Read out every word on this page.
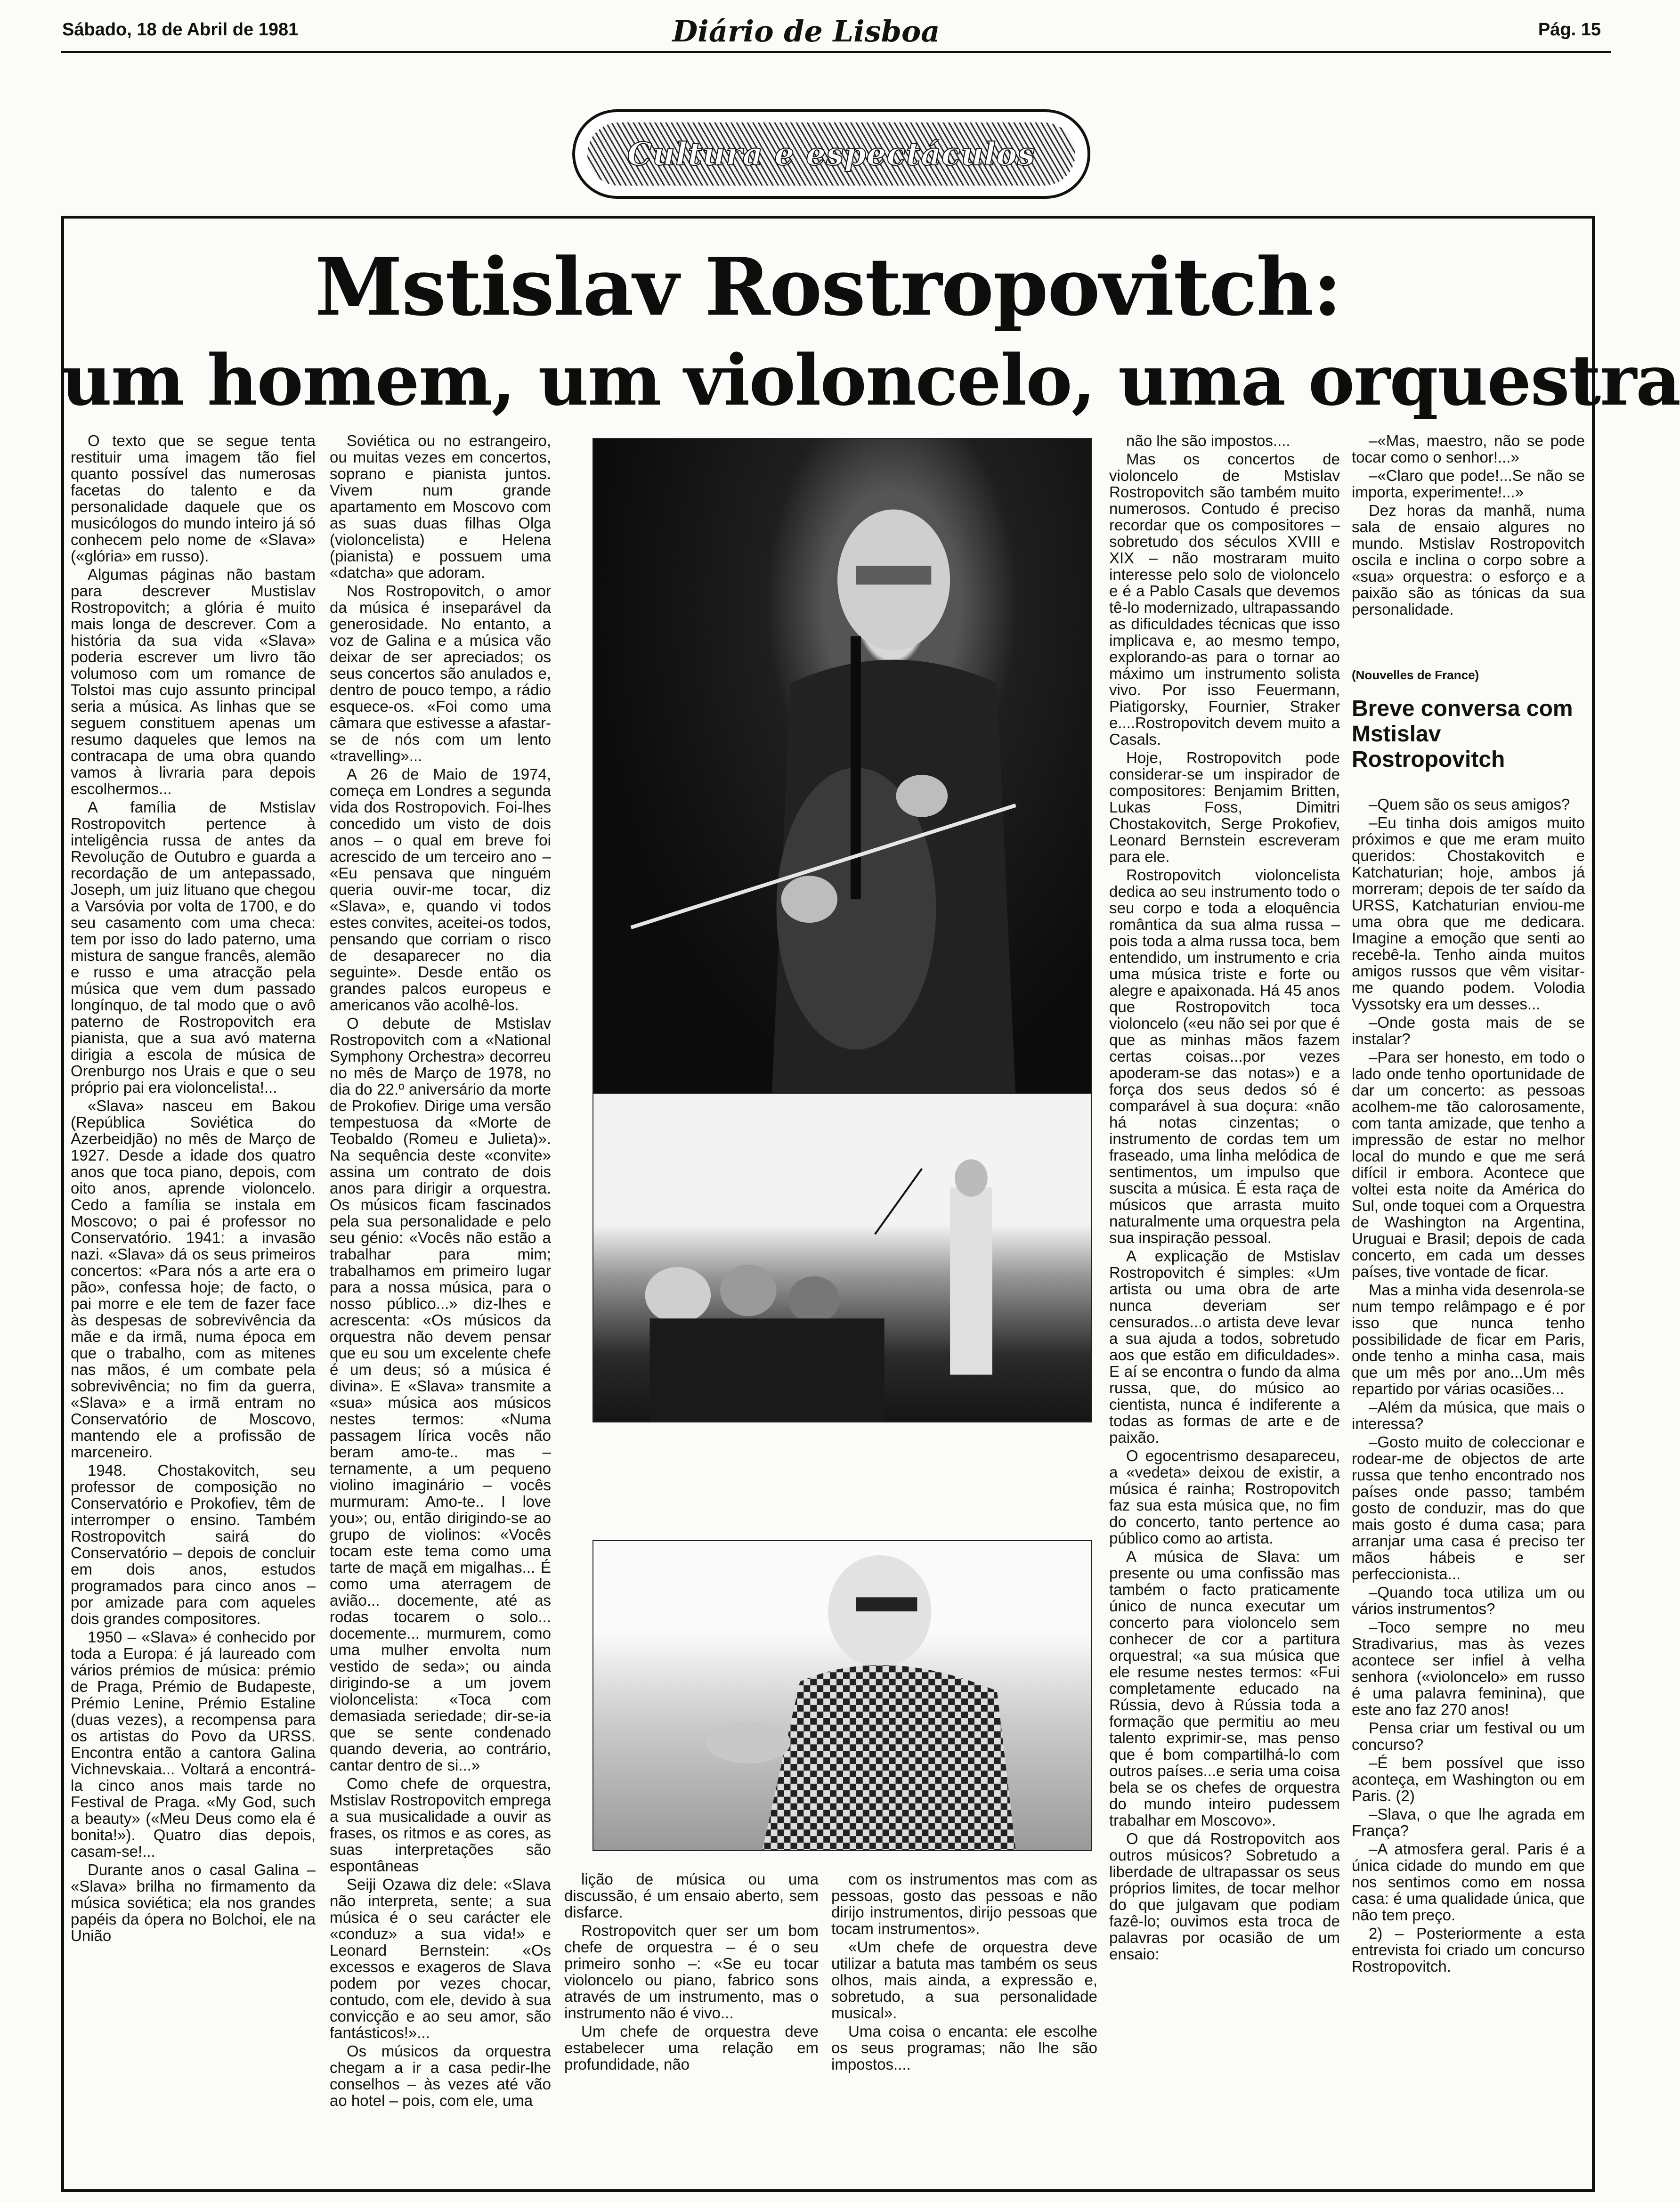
Sábado, 18 de Abril de 1981	Diário de Lisboa	Pág. 15
Cultura e espectáculos
Mstislav Rostropovitch:
um homem, um violoncelo, uma orquestra

O texto que se segue tenta restituir uma imagem tão fiel quanto possível das numerosas facetas do talento e da personalidade daquele que os musicólogos do mundo inteiro já só conhecem pelo nome de «Slava» («glória» em russo).

Algumas páginas não bastam para descrever Mustislav Rostropovitch; a glória é muito mais longa de descrever. Com a história da sua vida «Slava» poderia escrever um livro tão volumoso com um romance de Tolstoi mas cujo assunto principal seria a música. As linhas que se seguem constituem apenas um resumo daqueles que lemos na contracapa de uma obra quando vamos à livraria para depois escolhermos...

A família de Mstislav Rostropovitch pertence à inteligência russa de antes da Revolução de Outubro e guarda a recordação de um antepassado, Joseph, um juiz lituano que chegou a Varsóvia por volta de 1700, e do seu casamento com uma checa: tem por isso do lado paterno, uma mistura de sangue francês, alemão e russo e uma atracção pela música que vem dum passado longínquo, de tal modo que o avô paterno de Rostropovitch era pianista, que a sua avó materna dirigia a escola de música de Orenburgo nos Urais e que o seu próprio pai era violoncelista!...

«Slava» nasceu em Bakou (República Soviética do Azerbeidjão) no mês de Março de 1927. Desde a idade dos quatro anos que toca piano, depois, com oito anos, aprende violoncelo. Cedo a família se instala em Moscovo; o pai é professor no Conservatório. 1941: a invasão nazi. «Slava» dá os seus primeiros concertos: «Para nós a arte era o pão», confessa hoje; de facto, o pai morre e ele tem de fazer face às despesas de sobrevivência da mãe e da irmã, numa época em que o trabalho, com as mitenes nas mãos, é um combate pela sobrevivência; no fim da guerra, «Slava» e a irmã entram no Conservatório de Moscovo, mantendo ele a profissão de marceneiro.

1948. Chostakovitch, seu professor de composição no Conservatório e Prokofiev, têm de interromper o ensino. Também Rostropovitch sairá do Conservatório – depois de concluir em dois anos, estudos programados para cinco anos – por amizade para com aqueles dois grandes compositores.

1950 – «Slava» é conhecido por toda a Europa: é já laureado com vários prémios de música: prémio de Praga, Prémio de Budapeste, Prémio Lenine, Prémio Estaline (duas vezes), a recompensa para os artistas do Povo da URSS. Encontra então a cantora Galina Vichnevskaia... Voltará a encontrá-la cinco anos mais tarde no Festival de Praga. «My God, such a beauty» («Meu Deus como ela é bonita!»). Quatro dias depois, casam-se!...

Durante anos o casal Galina – «Slava» brilha no firmamento da música soviética; ela nos grandes papéis da ópera no Bolchoi, ele na União

Soviética ou no estrangeiro, ou muitas vezes em concertos, soprano e pianista juntos. Vivem num grande apartamento em Moscovo com as suas duas filhas Olga (violoncelista) e Helena (pianista) e possuem uma «datcha» que adoram.

Nos Rostropovitch, o amor da música é inseparável da generosidade. No entanto, a voz de Galina e a música vão deixar de ser apreciados; os seus concertos são anulados e, dentro de pouco tempo, a rádio esquece-os. «Foi como uma câmara que estivesse a afastar-se de nós com um lento «travelling»...

A 26 de Maio de 1974, começa em Londres a segunda vida dos Rostropovich. Foi-lhes concedido um visto de dois anos – o qual em breve foi acrescido de um terceiro ano – «Eu pensava que ninguém queria ouvir-me tocar, diz «Slava», e, quando vi todos estes convites, aceitei-os todos, pensando que corriam o risco de desaparecer no dia seguinte». Desde então os grandes palcos europeus e americanos vão acolhê-los.

O debute de Mstislav Rostropovitch com a «National Symphony Orchestra» decorreu no mês de Março de 1978, no dia do 22.º aniversário da morte de Prokofiev. Dirige uma versão tempestuosa da «Morte de Teobaldo (Romeu e Julieta)». Na sequência deste «convite» assina um contrato de dois anos para dirigir a orquestra. Os músicos ficam fascinados pela sua personalidade e pelo seu génio: «Vocês não estão a trabalhar para mim; trabalhamos em primeiro lugar para a nossa música, para o nosso público...» diz-lhes e acrescenta: «Os músicos da orquestra não devem pensar que eu sou um excelente chefe é um deus; só a música é divina». E «Slava» transmite a «sua» música aos músicos nestes termos: «Numa passagem lírica vocês não beram amo-te.. mas – ternamente, a um pequeno violino imaginário – vocês murmuram: Amo-te.. I love you»; ou, então dirigindo-se ao grupo de violinos: «Vocês tocam este tema como uma tarte de maçã em migalhas... É como uma aterragem de avião... docemente, até as rodas tocarem o solo... docemente... murmurem, como uma mulher envolta num vestido de seda»; ou ainda dirigindo-se a um jovem violoncelista: «Toca com demasiada seriedade; dir-se-ia que se sente condenado quando deveria, ao contrário, cantar dentro de si...»

Como chefe de orquestra, Mstislav Rostropovitch emprega a sua musicalidade a ouvir as frases, os ritmos e as cores, as suas interpretações são espontâneas

Seiji Ozawa diz dele: «Slava não interpreta, sente; a sua música é o seu carácter ele «conduz» a sua vida!» e Leonard Bernstein: «Os excessos e exageros de Slava podem por vezes chocar, contudo, com ele, devido à sua convicção e ao seu amor, são fantásticos!»...

Os músicos da orquestra chegam a ir a casa pedir-lhe conselhos – às vezes até vão ao hotel – pois, com ele, uma

lição de música ou uma discussão, é um ensaio aberto, sem disfarce.

Rostropovitch quer ser um bom chefe de orquestra – é o seu primeiro sonho –: «Se eu tocar violoncelo ou piano, fabrico sons através de um instrumento, mas o instrumento não é vivo...

Um chefe de orquestra deve estabelecer uma relação em profundidade, não

com os instrumentos mas com as pessoas, gosto das pessoas e não dirijo instrumentos, dirijo pessoas que tocam instrumentos».

«Um chefe de orquestra deve utilizar a batuta mas também os seus olhos, mais ainda, a expressão e, sobretudo, a sua personalidade musical».

Uma coisa o encanta: ele escolhe os seus programas; não lhe são impostos....

não lhe são impostos....

Mas os concertos de violoncelo de Mstislav Rostropovitch são também muito numerosos. Contudo é preciso recordar que os compositores – sobretudo dos séculos XVIII e XIX – não mostraram muito interesse pelo solo de violoncelo e é a Pablo Casals que devemos tê-lo modernizado, ultrapassando as dificuldades técnicas que isso implicava e, ao mesmo tempo, explorando-as para o tornar ao máximo um instrumento solista vivo. Por isso Feuermann, Piatigorsky, Fournier, Straker e....Rostropovitch devem muito a Casals.

Hoje, Rostropovitch pode considerar-se um inspirador de compositores: Benjamim Britten, Lukas Foss, Dimitri Chostakovitch, Serge Prokofiev, Leonard Bernstein escreveram para ele.

Rostropovitch violoncelista dedica ao seu instrumento todo o seu corpo e toda a eloquência romântica da sua alma russa – pois toda a alma russa toca, bem entendido, um instrumento e cria uma música triste e forte ou alegre e apaixonada. Há 45 anos que Rostropovitch toca violoncelo («eu não sei por que é que as minhas mãos fazem certas coisas...por vezes apoderam-se das notas») e a força dos seus dedos só é comparável à sua doçura: «não há notas cinzentas; o instrumento de cordas tem um fraseado, uma linha melódica de sentimentos, um impulso que suscita a música. É esta raça de músicos que arrasta muito naturalmente uma orquestra pela sua inspiração pessoal.

A explicação de Mstislav Rostropovitch é simples: «Um artista ou uma obra de arte nunca deveriam ser censurados...o artista deve levar a sua ajuda a todos, sobretudo aos que estão em dificuldades». E aí se encontra o fundo da alma russa, que, do músico ao cientista, nunca é indiferente a todas as formas de arte e de paixão.

O egocentrismo desapareceu, a «vedeta» deixou de existir, a música é rainha; Rostropovitch faz sua esta música que, no fim do concerto, tanto pertence ao público como ao artista.

A música de Slava: um presente ou uma confissão mas também o facto praticamente único de nunca executar um concerto para violoncelo sem conhecer de cor a partitura orquestral; «a sua música que ele resume nestes termos: «Fui completamente educado na Rússia, devo à Rússia toda a formação que permitiu ao meu talento exprimir-se, mas penso que é bom compartilhá-lo com outros países...e seria uma coisa bela se os chefes de orquestra do mundo inteiro pudessem trabalhar em Moscovo».

O que dá Rostropovitch aos outros músicos? Sobretudo a liberdade de ultrapassar os seus próprios limites, de tocar melhor do que julgavam que podiam fazê-lo; ouvimos esta troca de palavras por ocasião de um ensaio:

–«Mas, maestro, não se pode tocar como o senhor!...»

–«Claro que pode!...Se não se importa, experimente!...»

Dez horas da manhã, numa sala de ensaio algures no mundo. Mstislav Rostropovitch oscila e inclina o corpo sobre a «sua» orquestra: o esforço e a paixão são as tónicas da sua personalidade.

(Nouvelles de France)
Breve conversa com Mstislav Rostropovitch

–Quem são os seus amigos?

–Eu tinha dois amigos muito próximos e que me eram muito queridos: Chostakovitch e Katchaturian; hoje, ambos já morreram; depois de ter saído da URSS, Katchaturian enviou-me uma obra que me dedicara. Imagine a emoção que senti ao recebê-la. Tenho ainda muitos amigos russos que vêm visitar-me quando podem. Volodia Vyssotsky era um desses...

–Onde gosta mais de se instalar?

–Para ser honesto, em todo o lado onde tenho oportunidade de dar um concerto: as pessoas acolhem-me tão calorosamente, com tanta amizade, que tenho a impressão de estar no melhor local do mundo e que me será difícil ir embora. Acontece que voltei esta noite da América do Sul, onde toquei com a Orquestra de Washington na Argentina, Uruguai e Brasil; depois de cada concerto, em cada um desses países, tive vontade de ficar.

Mas a minha vida desenrola-se num tempo relâmpago e é por isso que nunca tenho possibilidade de ficar em Paris, onde tenho a minha casa, mais que um mês por ano...Um mês repartido por várias ocasiões...

–Além da música, que mais o interessa?

–Gosto muito de coleccionar e rodear-me de objectos de arte russa que tenho encontrado nos países onde passo; também gosto de conduzir, mas do que mais gosto é duma casa; para arranjar uma casa é preciso ter mãos hábeis e ser perfeccionista...

–Quando toca utiliza um ou vários instrumentos?

–Toco sempre no meu Stradivarius, mas às vezes acontece ser infiel à velha senhora («violoncelo» em russo é uma palavra feminina), que este ano faz 270 anos!

Pensa criar um festival ou um concurso?

–É bem possível que isso aconteça, em Washington ou em Paris. (2)

–Slava, o que lhe agrada em França?

–A atmosfera geral. Paris é a única cidade do mundo em que nos sentimos como em nossa casa: é uma qualidade única, que não tem preço.

2) – Posteriormente a esta entrevista foi criado um concurso Rostropovitch.
